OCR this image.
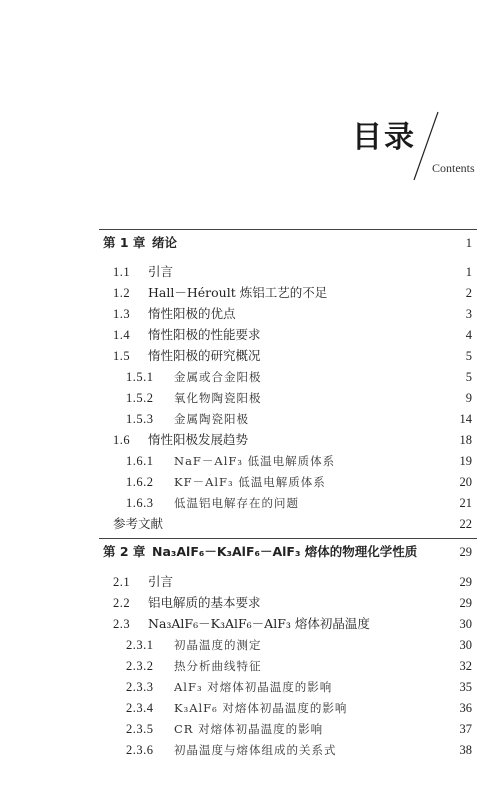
目录
Contents
第 1 章 绪论	1
1.1 引言	1
1.2 Hall－Héroult 炼铝工艺的不足	2
1.3 惰性阳极的优点	3
1.4 惰性阳极的性能要求	4
1.5 惰性阳极的研究概况	5
1.5.1 金属或合金阳极	5
1.5.2 氧化物陶瓷阳极	9
1.5.3 金属陶瓷阳极	14
1.6 惰性阳极发展趋势	18
1.6.1 NaF－AlF₃ 低温电解质体系	19
1.6.2 KF－AlF₃ 低温电解质体系	20
1.6.3 低温铝电解存在的问题	21
参考文献	22
第 2 章 Na₃AlF₆－K₃AlF₆－AlF₃ 熔体的物理化学性质	29
2.1 引言	29
2.2 铝电解质的基本要求	29
2.3 Na₃AlF₆－K₃AlF₆－AlF₃ 熔体初晶温度	30
2.3.1 初晶温度的测定	30
2.3.2 热分析曲线特征	32
2.3.3 AlF₃ 对熔体初晶温度的影响	35
2.3.4 K₃AlF₆ 对熔体初晶温度的影响	36
2.3.5 CR 对熔体初晶温度的影响	37
2.3.6 初晶温度与熔体组成的关系式	38
